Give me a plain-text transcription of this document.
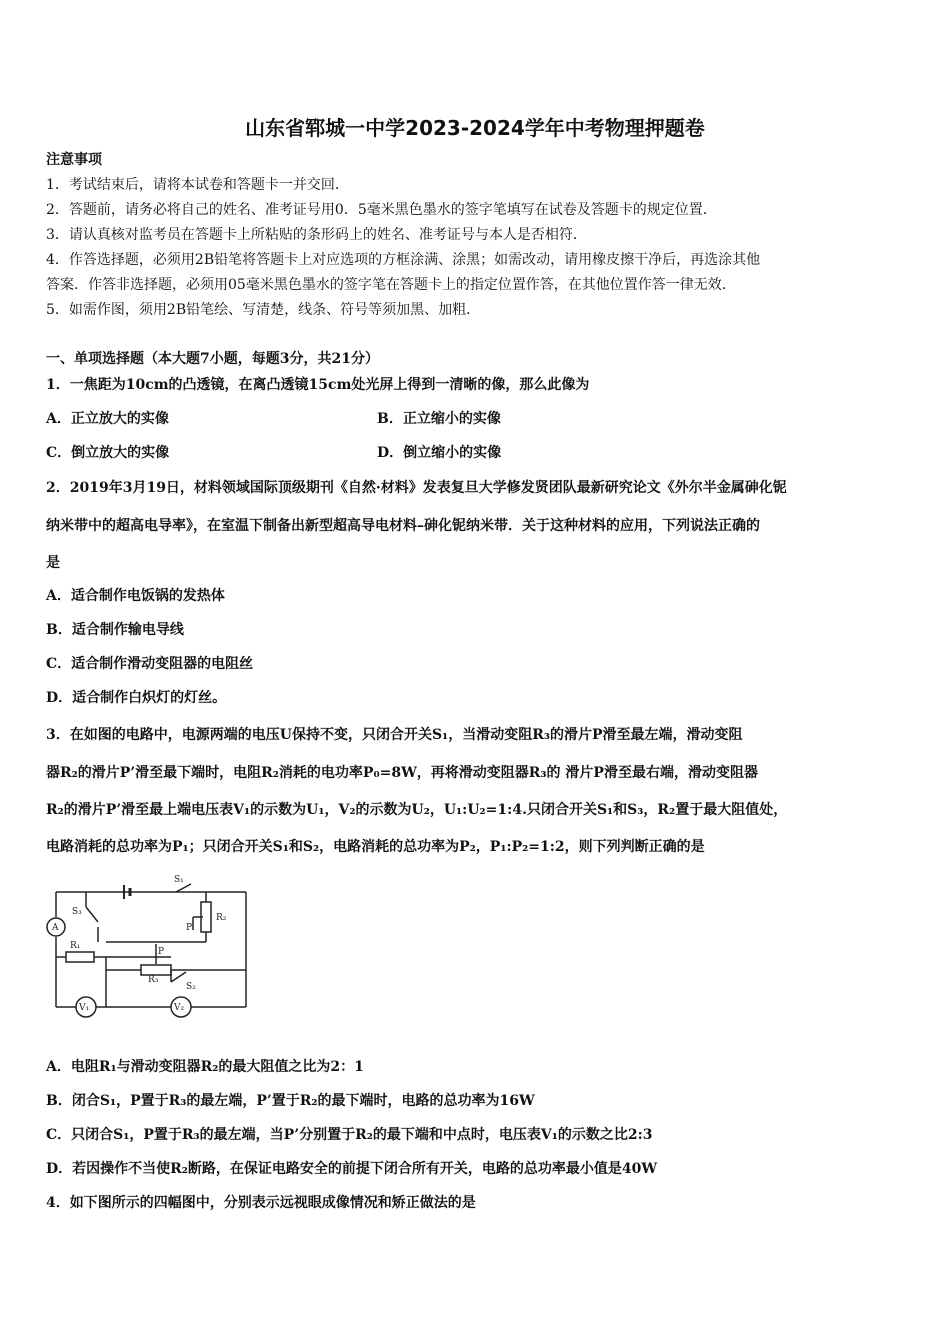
山东省郓城一中学2023-2024学年中考物理押题卷
注意事项
1．考试结束后，请将本试卷和答题卡一并交回．
2．答题前，请务必将自己的姓名、准考证号用0．5毫米黑色墨水的签字笔填写在试卷及答题卡的规定位置．
3．请认真核对监考员在答题卡上所粘贴的条形码上的姓名、准考证号与本人是否相符．
4．作答选择题，必须用2B铅笔将答题卡上对应选项的方框涂满、涂黑；如需改动，请用橡皮擦干净后，再选涂其他
答案．作答非选择题，必须用05毫米黑色墨水的签字笔在答题卡上的指定位置作答，在其他位置作答一律无效．
5．如需作图，须用2B铅笔绘、写清楚，线条、符号等须加黑、加粗．
一、单项选择题（本大题7小题，每题3分，共21分）
1．一焦距为10cm的凸透镜，在离凸透镜15cm处光屏上得到一清晰的像，那么此像为
A．正立放大的实像	B．正立缩小的实像
C．倒立放大的实像	D．倒立缩小的实像
2．2019年3月19日，材料领域国际顶级期刊《自然·材料》发表复旦大学修发贤团队最新研究论文《外尔半金属砷化铌
纳米带中的超高电导率》，在室温下制备出新型超高导电材料–砷化铌纳米带．关于这种材料的应用，下列说法正确的
是
A．适合制作电饭锅的发热体
B．适合制作输电导线
C．适合制作滑动变阻器的电阻丝
D．适合制作白炽灯的灯丝。
3．在如图的电路中，电源两端的电压U保持不变，只闭合开关S₁，当滑动变阻R₃的滑片P滑至最左端，滑动变阻
器R₂的滑片P’滑至最下端时，电阻R₂消耗的电功率P₀=8W，再将滑动变阻器R₃的 滑片P滑至最右端，滑动变阻器
R₂的滑片P’滑至最上端电压表V₁的示数为U₁，V₂的示数为U₂，U₁:U₂=1:4.只闭合开关S₁和S₃，R₂置于最大阻值处，
电路消耗的总功率为P₁；只闭合开关S₁和S₂，电路消耗的总功率为P₂，P₁:P₂=1:2，则下列判断正确的是
A
V₁	V₂
S₁
S₃
S₂
R₂
R₁
R₃
P
P'
A．电阻R₁与滑动变阻器R₂的最大阻值之比为2：1
B．闭合S₁，P置于R₃的最左端，P’置于R₂的最下端时，电路的总功率为16W
C．只闭合S₁，P置于R₃的最左端，当P’分别置于R₂的最下端和中点时，电压表V₁的示数之比2:3
D．若因操作不当使R₂断路，在保证电路安全的前提下闭合所有开关，电路的总功率最小值是40W
4．如下图所示的四幅图中，分别表示远视眼成像情况和矫正做法的是
